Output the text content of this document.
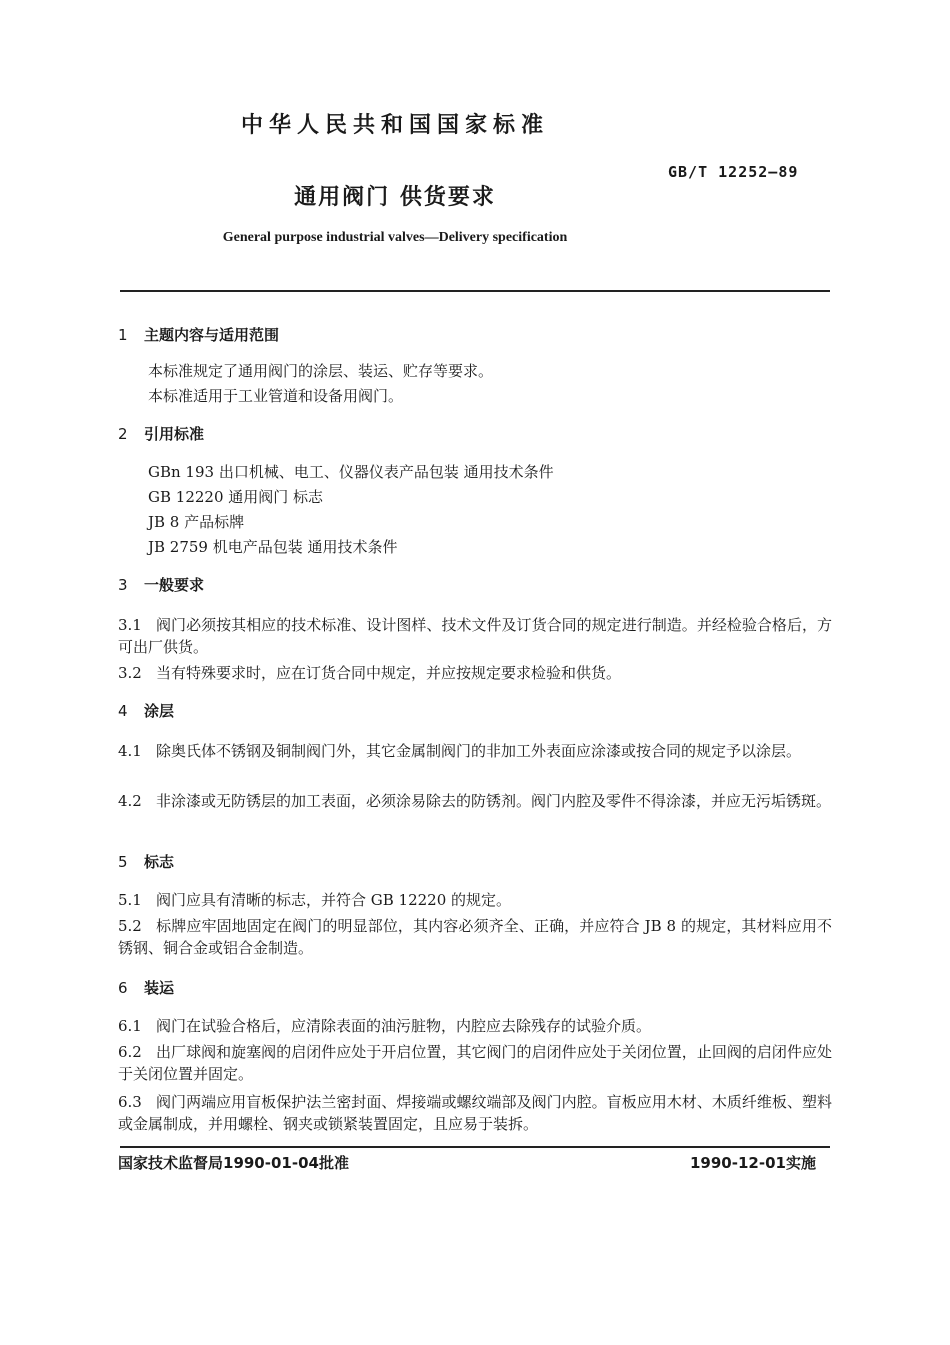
中华人民共和国国家标准
GB/T 12252—89
通用阀门 供货要求
General purpose industrial valves—Delivery specification
1 主题内容与适用范围
本标准规定了通用阀门的涂层、装运、贮存等要求。
本标准适用于工业管道和设备用阀门。
2 引用标准
GBn 193 出口机械、电工、仪器仪表产品包装 通用技术条件
GB 12220 通用阀门 标志
JB 8 产品标牌
JB 2759 机电产品包装 通用技术条件
3 一般要求
3.1 阀门必须按其相应的技术标准、设计图样、技术文件及订货合同的规定进行制造。并经检验合格后，方可出厂供货。
3.2 当有特殊要求时，应在订货合同中规定，并应按规定要求检验和供货。
4 涂层
4.1 除奥氏体不锈钢及铜制阀门外，其它金属制阀门的非加工外表面应涂漆或按合同的规定予以涂层。
4.2 非涂漆或无防锈层的加工表面，必须涂易除去的防锈剂。阀门内腔及零件不得涂漆，并应无污垢锈斑。
5 标志
5.1 阀门应具有清晰的标志，并符合 GB 12220 的规定。
5.2 标牌应牢固地固定在阀门的明显部位，其内容必须齐全、正确，并应符合 JB 8 的规定，其材料应用不锈钢、铜合金或铝合金制造。
6 装运
6.1 阀门在试验合格后，应清除表面的油污脏物，内腔应去除残存的试验介质。
6.2 出厂球阀和旋塞阀的启闭件应处于开启位置，其它阀门的启闭件应处于关闭位置，止回阀的启闭件应处于关闭位置并固定。
6.3 阀门两端应用盲板保护法兰密封面、焊接端或螺纹端部及阀门内腔。盲板应用木材、木质纤维板、塑料或金属制成，并用螺栓、钢夹或锁紧装置固定，且应易于装拆。
国家技术监督局1990-01-04批准	1990-12-01实施
